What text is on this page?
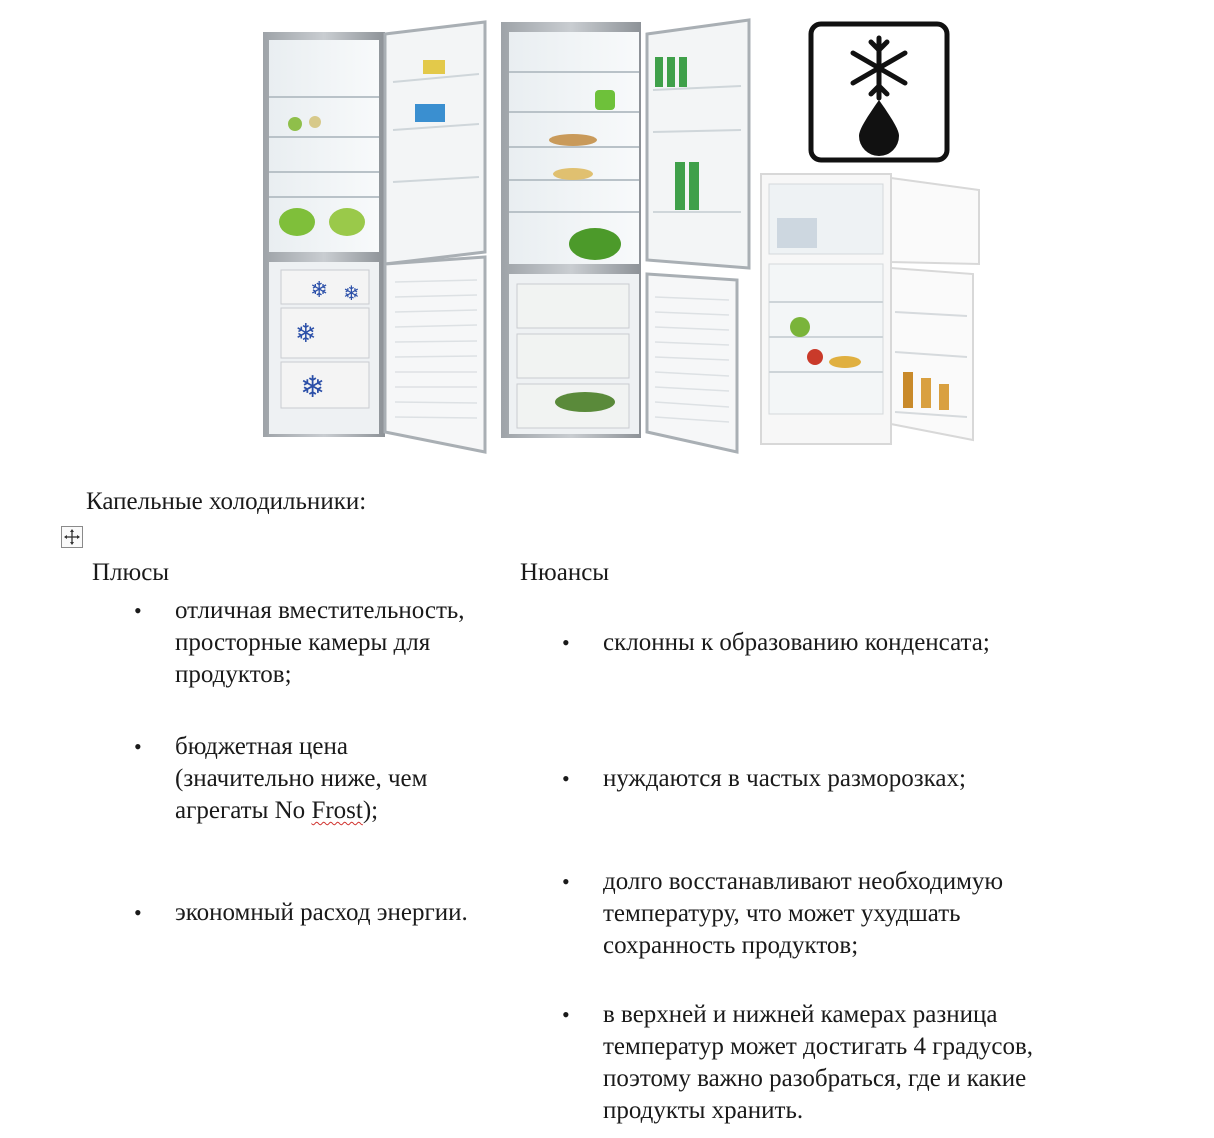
❄ ❄
❄
❄
Капельные холодильники:
Плюсы	Нюансы
• отличная вместительность,
просторные камеры для
продуктов;
• бюджетная цена
(значительно ниже, чем
агрегаты No Frost);
• экономный расход энергии.
• склонны к образованию конденсата;
• нуждаются в частых разморозках;
• долго восстанавливают необходимую
температуру, что может ухудшать
сохранность продуктов;
• в верхней и нижней камерах разница
температур может достигать 4 градусов,
поэтому важно разобраться, где и какие
продукты хранить.
